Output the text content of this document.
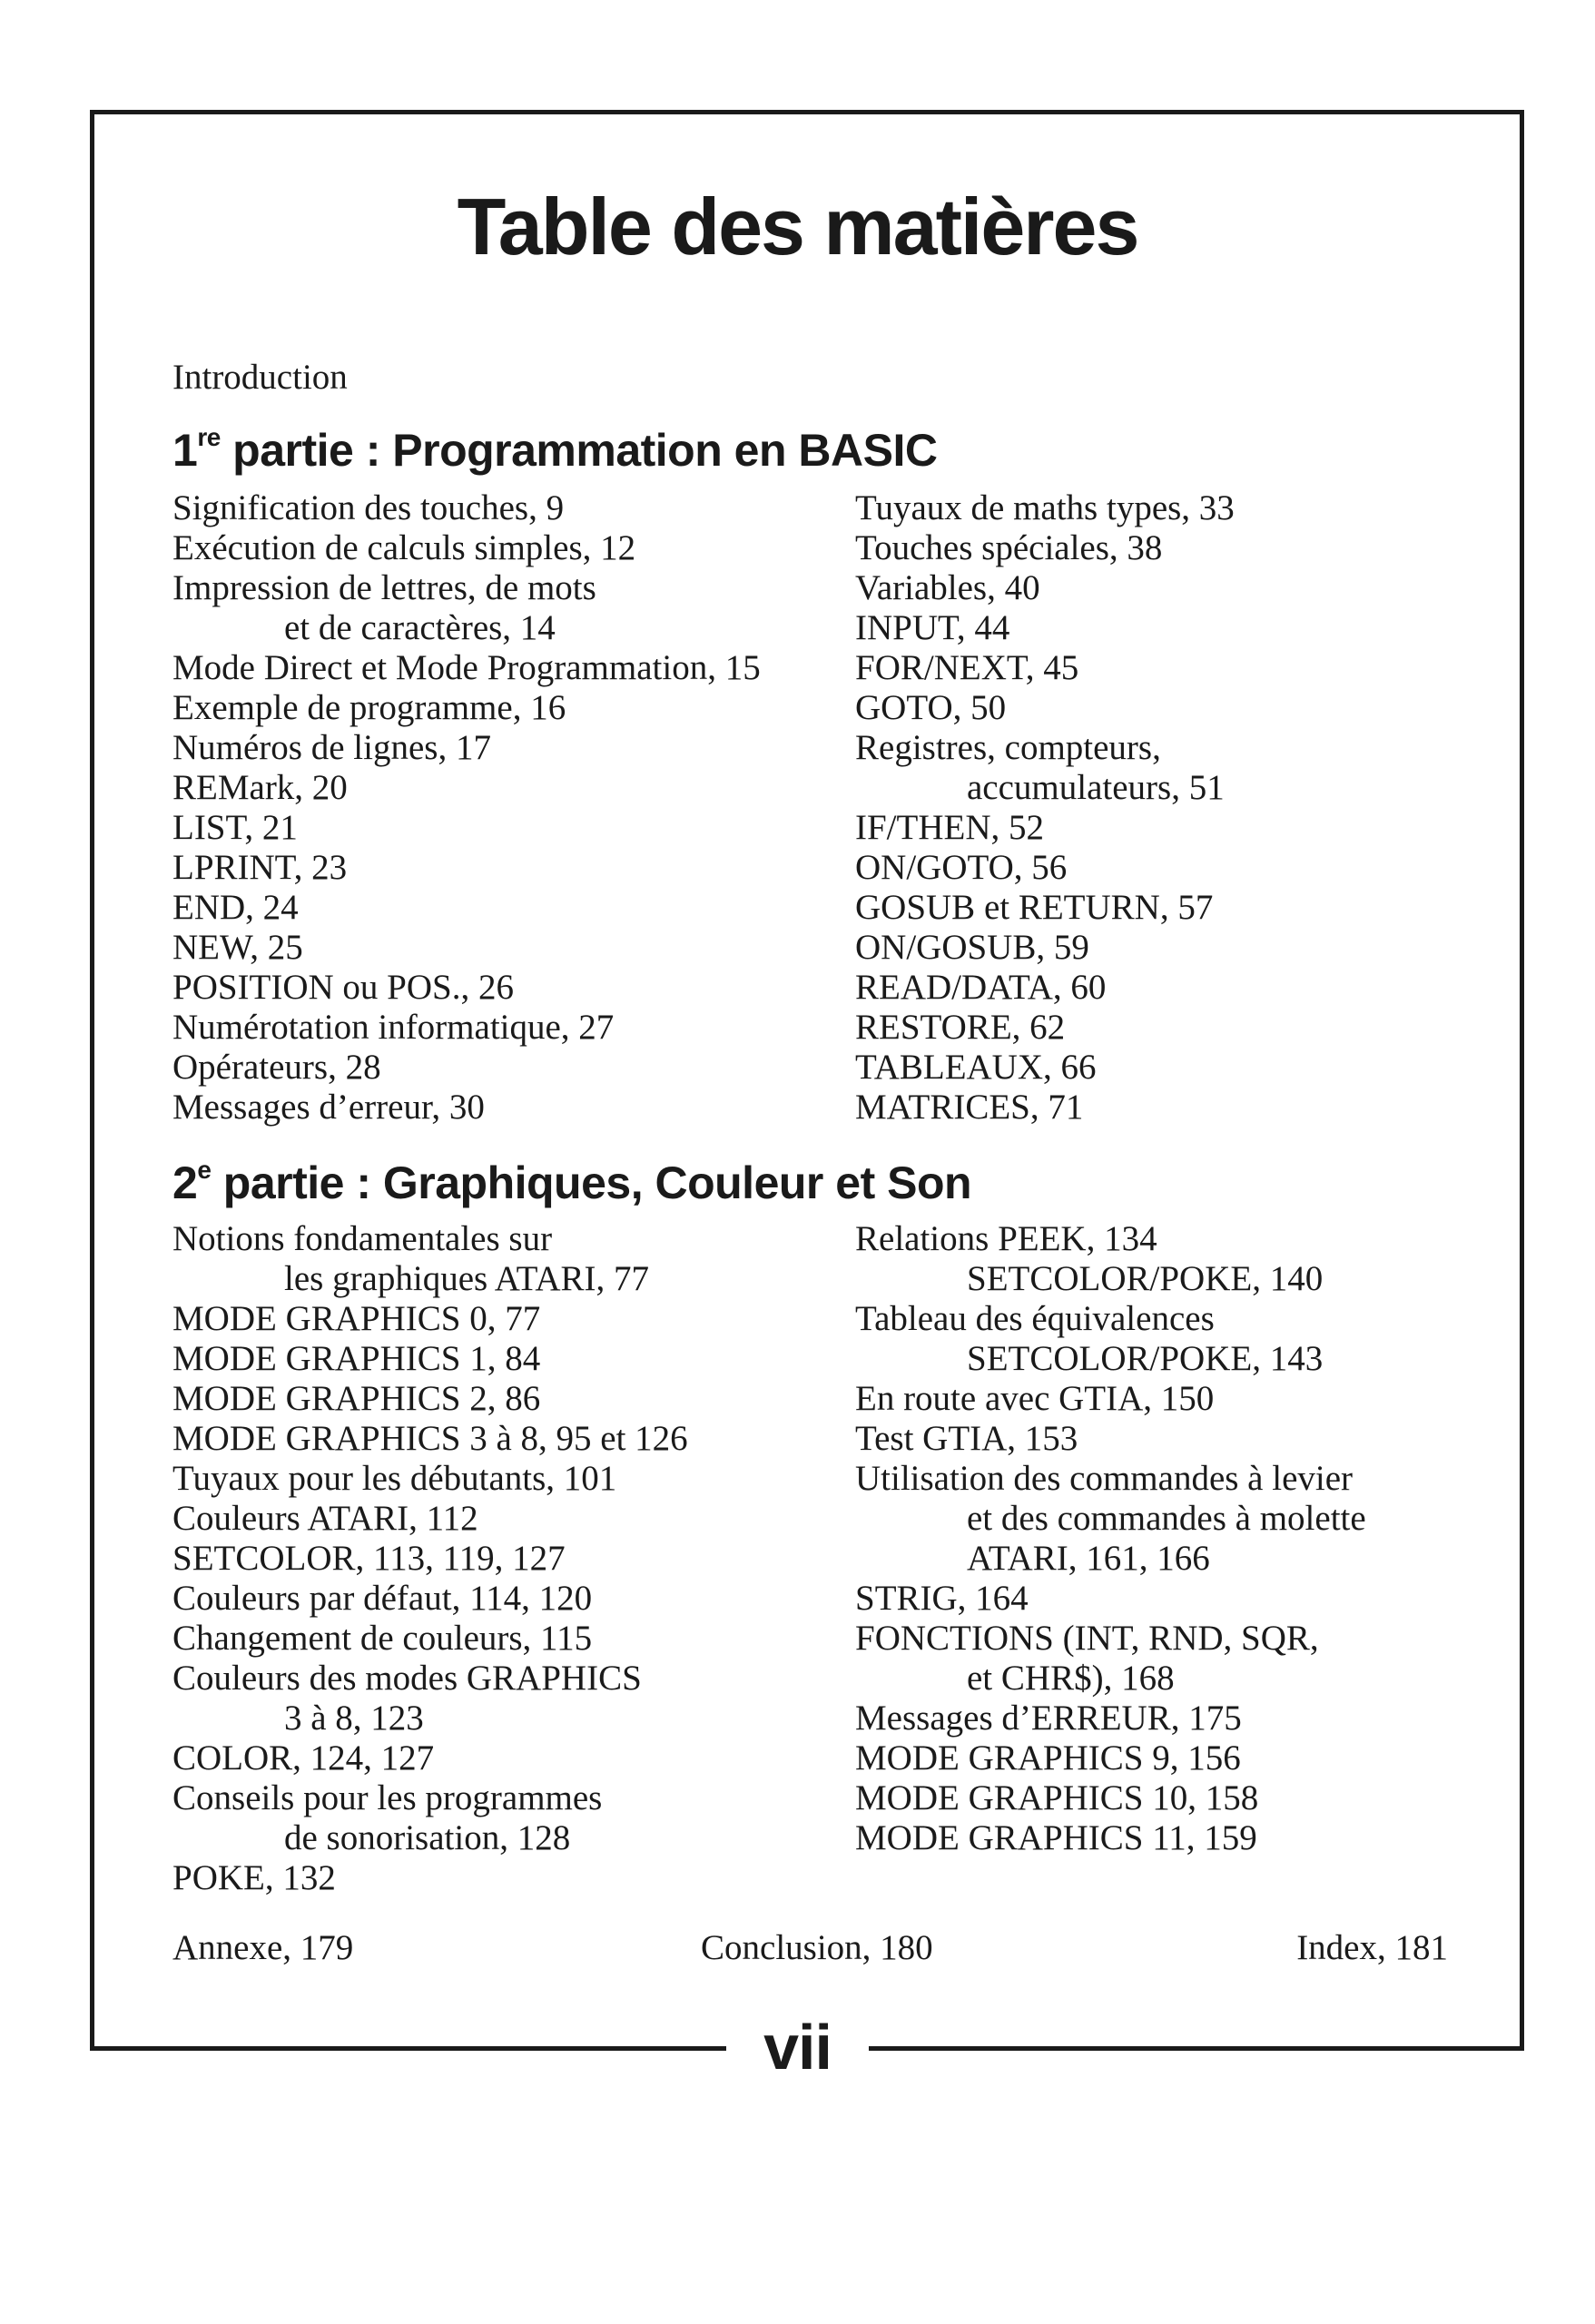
Table des matières
Introduction
1re partie : Programmation en BASIC
Signification des touches, 9
Exécution de calculs simples, 12
Impression de lettres, de mots

et de caractères, 14
Mode Direct et Mode Programmation, 15
Exemple de programme, 16
Numéros de lignes, 17
REMark, 20
LIST, 21
LPRINT, 23
END, 24
NEW, 25
POSITION ou POS., 26
Numérotation informatique, 27
Opérateurs, 28
Messages d’erreur, 30
Tuyaux de maths types, 33
Touches spéciales, 38
Variables, 40
INPUT, 44
FOR/NEXT, 45
GOTO, 50
Registres, compteurs,

accumulateurs, 51
IF/THEN, 52
ON/GOTO, 56
GOSUB et RETURN, 57
ON/GOSUB, 59
READ/DATA, 60
RESTORE, 62
TABLEAUX, 66
MATRICES, 71
2e partie : Graphiques, Couleur et Son
Notions fondamentales sur

les graphiques ATARI, 77
MODE GRAPHICS 0, 77
MODE GRAPHICS 1, 84
MODE GRAPHICS 2, 86
MODE GRAPHICS 3 à 8, 95 et 126
Tuyaux pour les débutants, 101
Couleurs ATARI, 112
SETCOLOR, 113, 119, 127
Couleurs par défaut, 114, 120
Changement de couleurs, 115
Couleurs des modes GRAPHICS

3 à 8, 123
COLOR, 124, 127
Conseils pour les programmes

de sonorisation, 128
POKE, 132
Relations PEEK, 134

SETCOLOR/POKE, 140
Tableau des équivalences

SETCOLOR/POKE, 143
En route avec GTIA, 150
Test GTIA, 153
Utilisation des commandes à levier

et des commandes à molette
ATARI, 161, 166
STRIG, 164
FONCTIONS (INT, RND, SQR,

et CHR$), 168
Messages d’ERREUR, 175
MODE GRAPHICS 9, 156
MODE GRAPHICS 10, 158
MODE GRAPHICS 11, 159
Annexe, 179	Conclusion, 180	Index, 181
vii
